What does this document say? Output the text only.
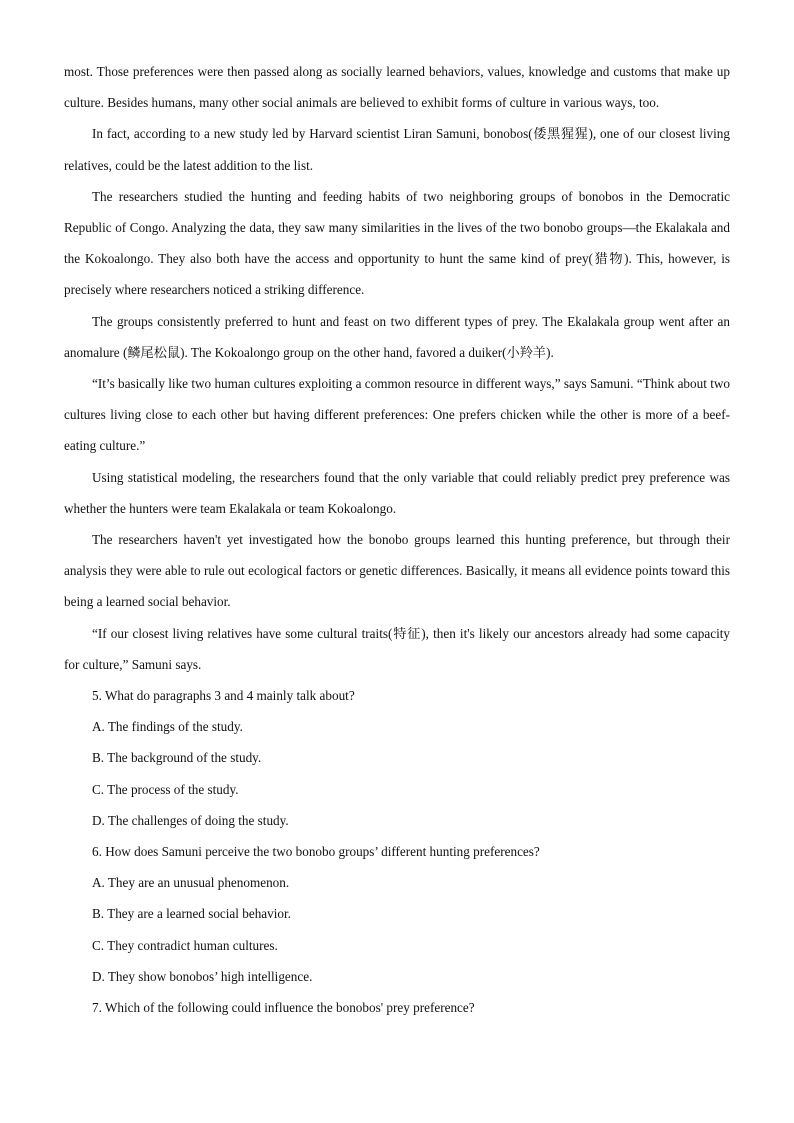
most. Those preferences were then passed along as socially learned behaviors, values, knowledge and customs that make up culture. Besides humans, many other social animals are believed to exhibit forms of culture in various ways, too.

In fact, according to a new study led by Harvard scientist Liran Samuni, bonobos(倭黑猩猩), one of our closest living relatives, could be the latest addition to the list.

The researchers studied the hunting and feeding habits of two neighboring groups of bonobos in the Democratic Republic of Congo. Analyzing the data, they saw many similarities in the lives of the two bonobo groups—the Ekalakala and the Kokoalongo. They also both have the access and opportunity to hunt the same kind of prey(猎物). This, however, is precisely where researchers noticed a striking difference.

The groups consistently preferred to hunt and feast on two different types of prey. The Ekalakala group went after an anomalure (鳞尾松鼠). The Kokoalongo group on the other hand, favored a duiker(小羚羊).

“It’s basically like two human cultures exploiting a common resource in different ways,” says Samuni. “Think about two cultures living close to each other but having different preferences: One prefers chicken while the other is more of a beef-eating culture.”

Using statistical modeling, the researchers found that the only variable that could reliably predict prey preference was whether the hunters were team Ekalakala or team Kokoalongo.

The researchers haven't yet investigated how the bonobo groups learned this hunting preference, but through their analysis they were able to rule out ecological factors or genetic differences. Basically, it means all evidence points toward this being a learned social behavior.

“If our closest living relatives have some cultural traits(特征), then it's likely our ancestors already had some capacity for culture,” Samuni says.

5. What do paragraphs 3 and 4 mainly talk about?

A. The findings of the study.

B. The background of the study.

C. The process of the study.

D. The challenges of doing the study.

6. How does Samuni perceive the two bonobo groups’ different hunting preferences?

A. They are an unusual phenomenon.

B. They are a learned social behavior.

C. They contradict human cultures.

D. They show bonobos’ high intelligence.

7. Which of the following could influence the bonobos' prey preference?
